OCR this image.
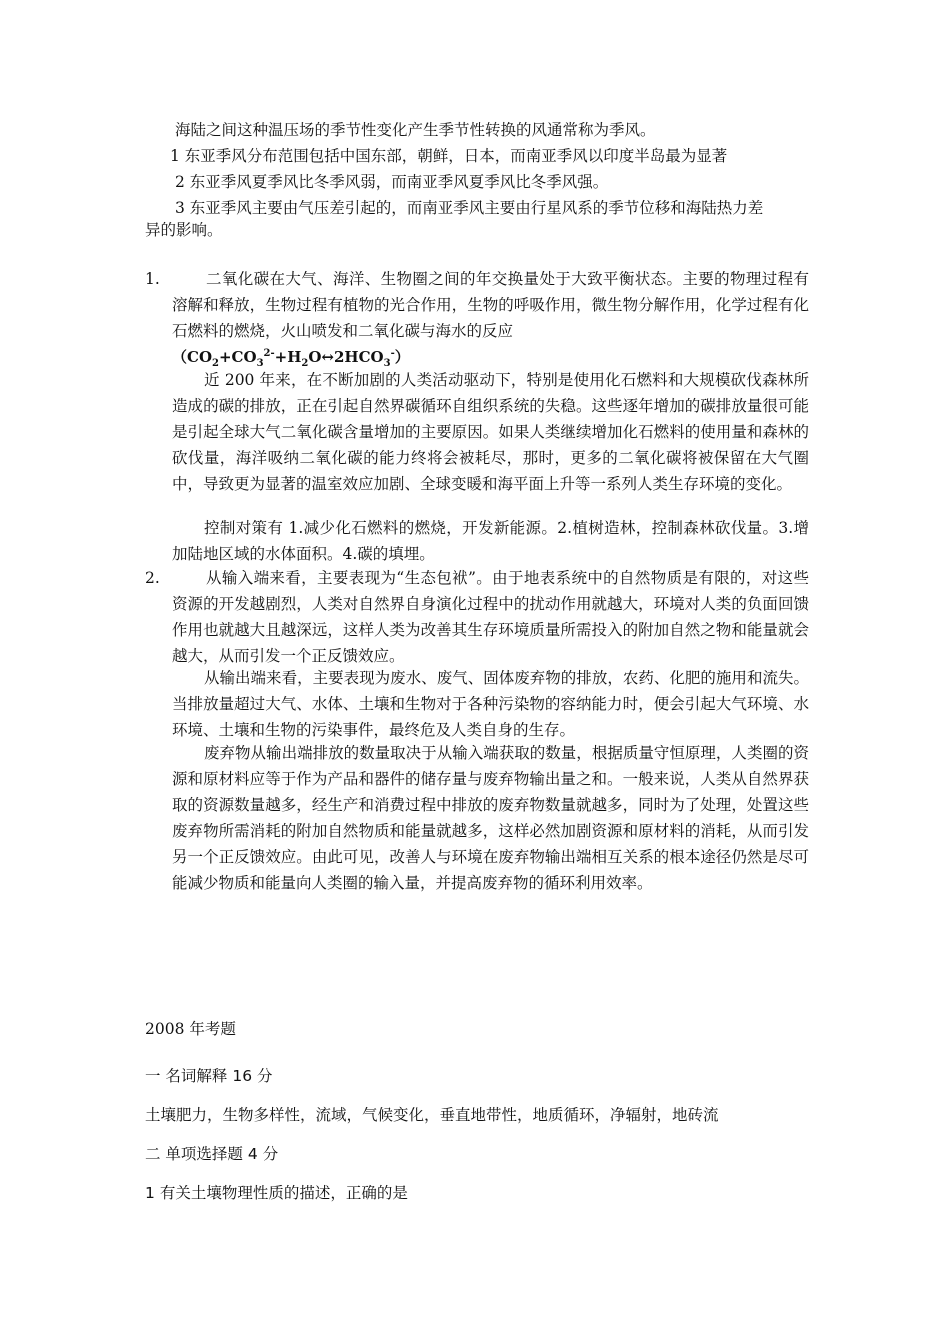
海陆之间这种温压场的季节性变化产生季节性转换的风通常称为季风。
1 东亚季风分布范围包括中国东部，朝鲜，日本，而南亚季风以印度半岛最为显著
2 东亚季风夏季风比冬季风弱，而南亚季风夏季风比冬季风强。
3 东亚季风主要由气压差引起的，而南亚季风主要由行星风系的季节位移和海陆热力差
异的影响。
1.	二氧化碳在大气、海洋、生物圈之间的年交换量处于大致平衡状态。主要的物理过程有溶解和释放，生物过程有植物的光合作用，生物的呼吸作用，微生物分解作用，化学过程有化石燃料的燃烧，火山喷发和二氧化碳与海水的反应
$(CO_2+CO_3^{2-}+H_2O\leftrightarrow 2HCO_3^-)$
近 200 年来，在不断加剧的人类活动驱动下，特别是使用化石燃料和大规模砍伐森林所造成的碳的排放，正在引起自然界碳循环自组织系统的失稳。这些逐年增加的碳排放量很可能是引起全球大气二氧化碳含量增加的主要原因。如果人类继续增加化石燃料的使用量和森林的砍伐量，海洋吸纳二氧化碳的能力终将会被耗尽，那时，更多的二氧化碳将被保留在大气圈中，导致更为显著的温室效应加剧、全球变暖和海平面上升等一系列人类生存环境的变化。
控制对策有 1.减少化石燃料的燃烧，开发新能源。2.植树造林，控制森林砍伐量。3.增加陆地区域的水体面积。4.碳的填埋。
2.	从输入端来看，主要表现为“生态包袱”。由于地表系统中的自然物质是有限的，对这些资源的开发越剧烈，人类对自然界自身演化过程中的扰动作用就越大，环境对人类的负面回馈作用也就越大且越深远，这样人类为改善其生存环境质量所需投入的附加自然之物和能量就会越大，从而引发一个正反馈效应。
从输出端来看，主要表现为废水、废气、固体废弃物的排放，农药、化肥的施用和流失。当排放量超过大气、水体、土壤和生物对于各种污染物的容纳能力时，便会引起大气环境、水环境、土壤和生物的污染事件，最终危及人类自身的生存。
废弃物从输出端排放的数量取决于从输入端获取的数量，根据质量守恒原理，人类圈的资源和原材料应等于作为产品和器件的储存量与废弃物输出量之和。一般来说，人类从自然界获取的资源数量越多，经生产和消费过程中排放的废弃物数量就越多，同时为了处理，处置这些废弃物所需消耗的附加自然物质和能量就越多，这样必然加剧资源和原材料的消耗，从而引发另一个正反馈效应。由此可见，改善人与环境在废弃物输出端相互关系的根本途径仍然是尽可能减少物质和能量向人类圈的输入量，并提高废弃物的循环利用效率。
2008 年考题
一 名词解释 16 分
土壤肥力，生物多样性，流域，气候变化，垂直地带性，地质循环，净辐射，地砖流
二 单项选择题 4 分
1 有关土壤物理性质的描述，正确的是
